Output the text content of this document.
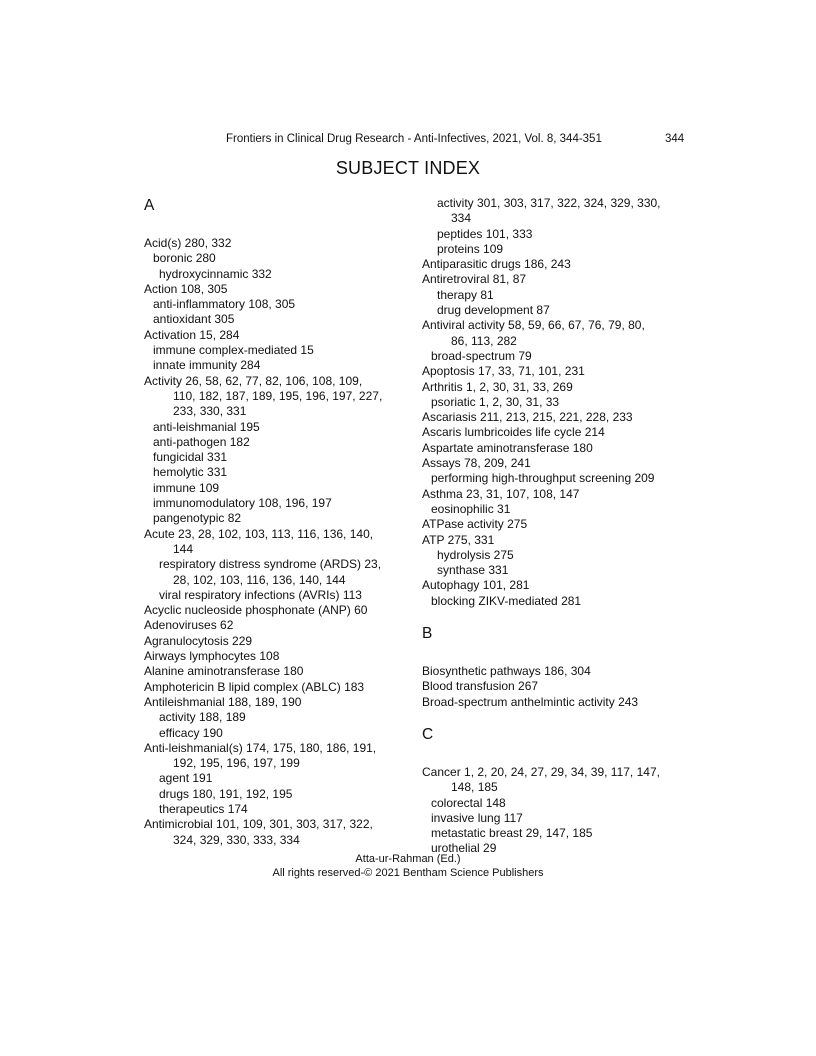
Frontiers in Clinical Drug Research - Anti-Infectives, 2021, Vol. 8, 344-351	344
SUBJECT INDEX
A
Acid(s) 280, 332
boronic 280
hydroxycinnamic 332
Action 108, 305
anti-inflammatory 108, 305
antioxidant 305
Activation 15, 284
immune complex-mediated 15
innate immunity 284
Activity 26, 58, 62, 77, 82, 106, 108, 109,
110, 182, 187, 189, 195, 196, 197, 227,
233, 330, 331
anti-leishmanial 195
anti-pathogen 182
fungicidal 331
hemolytic 331
immune 109
immunomodulatory 108, 196, 197
pangenotypic 82
Acute 23, 28, 102, 103, 113, 116, 136, 140,
144
respiratory distress syndrome (ARDS) 23,
28, 102, 103, 116, 136, 140, 144
viral respiratory infections (AVRIs) 113
Acyclic nucleoside phosphonate (ANP) 60
Adenoviruses 62
Agranulocytosis 229
Airways lymphocytes 108
Alanine aminotransferase 180
Amphotericin B lipid complex (ABLC) 183
Antileishmanial 188, 189, 190
activity 188, 189
efficacy 190
Anti-leishmanial(s) 174, 175, 180, 186, 191,
192, 195, 196, 197, 199
agent 191
drugs 180, 191, 192, 195
therapeutics 174
Antimicrobial 101, 109, 301, 303, 317, 322,
324, 329, 330, 333, 334
activity 301, 303, 317, 322, 324, 329, 330,
334
peptides 101, 333
proteins 109
Antiparasitic drugs 186, 243
Antiretroviral 81, 87
therapy 81
drug development 87
Antiviral activity 58, 59, 66, 67, 76, 79, 80,
86, 113, 282
broad-spectrum 79
Apoptosis 17, 33, 71, 101, 231
Arthritis 1, 2, 30, 31, 33, 269
psoriatic 1, 2, 30, 31, 33
Ascariasis 211, 213, 215, 221, 228, 233
Ascaris lumbricoides life cycle 214
Aspartate aminotransferase 180
Assays 78, 209, 241
performing high-throughput screening 209
Asthma 23, 31, 107, 108, 147
eosinophilic 31
ATPase activity 275
ATP 275, 331
hydrolysis 275
synthase 331
Autophagy 101, 281
blocking ZIKV-mediated 281
B
Biosynthetic pathways 186, 304
Blood transfusion 267
Broad-spectrum anthelmintic activity 243
C
Cancer 1, 2, 20, 24, 27, 29, 34, 39, 117, 147,
148, 185
colorectal 148
invasive lung 117
metastatic breast 29, 147, 185
urothelial 29
Atta-ur-Rahman (Ed.)
All rights reserved-© 2021 Bentham Science Publishers
